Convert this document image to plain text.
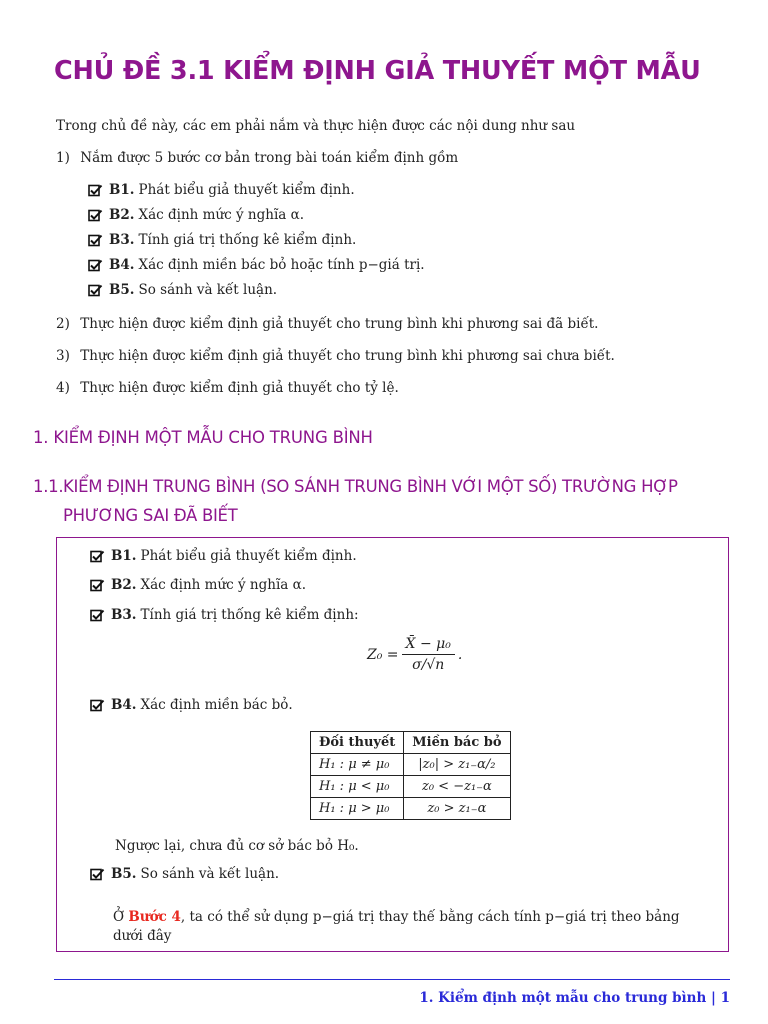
CHỦ ĐỀ 3.1 KIỂM ĐỊNH GIẢ THUYẾT MỘT MẪU
Trong chủ đề này, các em phải nắm và thực hiện được các nội dung như sau
1) Nắm được 5 bước cơ bản trong bài toán kiểm định gồm
B1. Phát biểu giả thuyết kiểm định.
B2. Xác định mức ý nghĩa α.
B3. Tính giá trị thống kê kiểm định.
B4. Xác định miền bác bỏ hoặc tính p−giá trị.
B5. So sánh và kết luận.
2) Thực hiện được kiểm định giả thuyết cho trung bình khi phương sai đã biết.
3) Thực hiện được kiểm định giả thuyết cho trung bình khi phương sai chưa biết.
4) Thực hiện được kiểm định giả thuyết cho tỷ lệ.
1. KIỂM ĐỊNH MỘT MẪU CHO TRUNG BÌNH
1.1.KIỂM ĐỊNH TRUNG BÌNH (SO SÁNH TRUNG BÌNH VỚI MỘT SỐ) TRƯỜNG HỢP
PHƯƠNG SAI ĐÃ BIẾT
B1. Phát biểu giả thuyết kiểm định.
B2. Xác định mức ý nghĩa α.
B3. Tính giá trị thống kê kiểm định:
$Z_0 = \frac{\text{X̄ − μ₀}}{\sigma/√n}$ .
B4. Xác định miền bác bỏ.
Đối thuyết	Miền bác bỏ
H₁ : μ ≠ μ₀	|z₀| > z₁₋α/₂
H₁ : μ < μ₀	z₀ < −z₁₋α
H₁ : μ > μ₀	z₀ > z₁₋α
Ngược lại, chưa đủ cơ sở bác bỏ H₀.
B5. So sánh và kết luận.
Ở Bước 4, ta có thể sử dụng p−giá trị thay thế bằng cách tính p−giá trị theo bảng dưới đây
1. Kiểm định một mẫu cho trung bình | 1
